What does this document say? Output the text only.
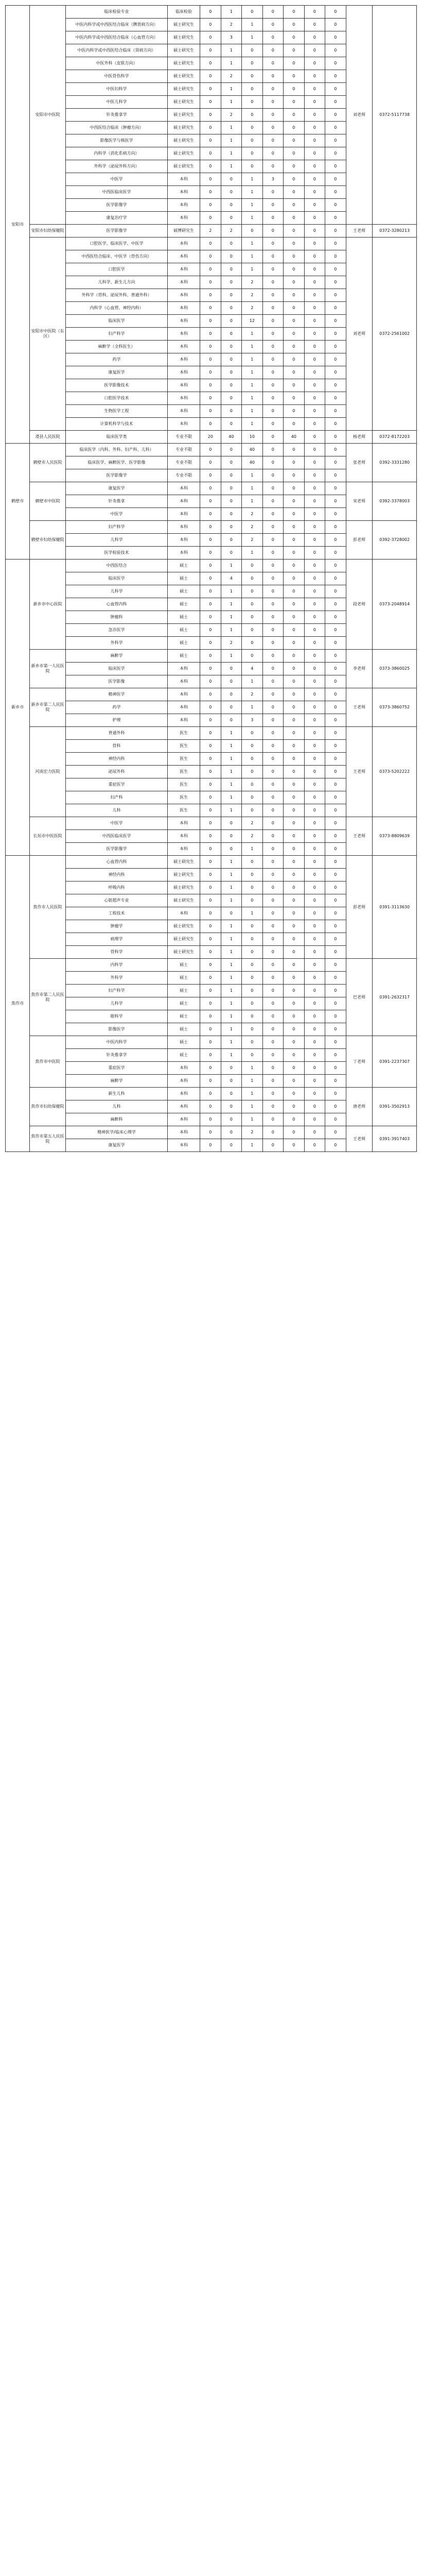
安阳市	安阳市中医院	临床检验专业	临床检验	0	1	0	0	0	0	0	刘老师	0372-5117738
		中医内科学或中西医结合临床（脾胃病方向）	硕士研究生	0	2	1	0	0	0	0		
		中医内科学或中西医结合临床（心血管方向）	硕士研究生	0	3	1	0	0	0	0		
		中医内科学或中西医结合临床（肾病方向）	硕士研究生	0	1	0	0	0	0	0		
		中医外科（皮肤方向）	硕士研究生	0	1	0	0	0	0	0		
		中医骨伤科学	硕士研究生	0	2	0	0	0	0	0		
		中医妇科学	硕士研究生	0	1	0	0	0	0	0		
		中医儿科学	硕士研究生	0	1	0	0	0	0	0		
		针灸推拿学	硕士研究生	0	2	0	0	0	0	0		
		中西医结合临床（肿瘤方向）	硕士研究生	0	1	0	0	0	0	0		
		影像医学与核医学	硕士研究生	0	1	0	0	0	0	0		
		内科学（消化系病方向）	硕士研究生	0	1	0	0	0	0	0		
		外科学（泌尿外科方向）	硕士研究生	0	1	0	0	0	0	0		
		中医学	本科	0	0	1	3	0	0	0		
		中西医临床医学	本科	0	0	1	0	0	0	0		
		医学影像学	本科	0	0	1	0	0	0	0		
		康复治疗学	本科	0	0	1	0	0	0	0		
	安阳市妇幼保健院	医学影像学	硕博研究生	2	2	0	0	0	0	0	王老师	0372-3280213
	安阳市中医院（东区）	口腔医学、临床医学、中医学	本科	0	0	1	0	0	0	0	刘老师	0372-2561002
		中西医结合临床、中医学（骨伤方向）	本科	0	0	1	0	0	0	0		
		口腔医学	本科	0	0	1	0	0	0	0		
		儿科学、新生儿方向	本科	0	0	2	0	0	0	0		
		外科学（骨科、泌尿外科、普通外科）	本科	0	0	2	0	0	0	0		
		内科学（心血管、神经内科）	本科	0	0	2	0	0	0	0		
		临床医学	本科	0	0	12	0	0	0	0		
		妇产科学	本科	0	0	1	0	0	0	0		
		麻醉学（全科医生）	本科	0	0	1	0	0	0	0		
		药学	本科	0	0	1	0	0	0	0		
		康复医学	本科	0	0	1	0	0	0	0		
		医学影像技术	本科	0	0	1	0	0	0	0		
		口腔医学技术	本科	0	0	1	0	0	0	0		
		生物医学工程	本科	0	0	1	0	0	0	0		
		计算机科学与技术	本科	0	0	1	0	0	0	0		
	滑县人民医院	临床医学类	专业不限	20	40	10	0	40	0	0	杨老师	0372-8172203
鹤壁市	鹤壁市人民医院	临床医学（内科、外科、妇产科、儿科）	专业不限	0	0	40	0	0	0	0	张老师	0392-3331280
		临床医学、麻醉医学、医学影像	专业不限	0	0	40	0	0	0	0		
		医学影像学	专业不限	0	0	1	0	0	0	0		
	鹤壁市中医院	康复医学	本科	0	0	1	0	0	0	0	宋老师	0392-3378003
		针灸推拿	本科	0	0	1	0	0	0	0		
		中医学	本科	0	0	2	0	0	0	0		
	鹤壁市妇幼保健院	妇产科学	本科	0	0	2	0	0	0	0	彭老师	0392-3728002
		儿科学	本科	0	0	2	0	0	0	0		
		医学检验技术	本科	0	0	1	0	0	0	0		
新乡市	新乡市中心医院	中西医结合	硕士	0	1	0	0	0	0	0	段老师	0373-2048914
		临床医学	硕士	0	4	0	0	0	0	0		
		儿科学	硕士	0	1	0	0	0	0	0		
		心血管内科	硕士	0	1	0	0	0	0	0		
		肿瘤科	硕士	0	1	0	0	0	0	0		
		急诊医学	硕士	0	1	0	0	0	0	0		
		外科学	硕士	0	2	0	0	0	0	0		
	新乡市第一人民医院	麻醉学	硕士	0	1	0	0	0	0	0	李老师	0373-3860025
		临床医学	本科	0	0	4	0	0	0	0		
		医学影像	本科	0	0	1	0	0	0	0		
	新乡市第二人民医院	精神医学	本科	0	0	2	0	0	0	0	王老师	0373-3860752
		药学	本科	0	0	1	0	0	0	0		
		护理	本科	0	0	3	0	0	0	0		
	河南宏力医院	普通外科	医生	0	1	0	0	0	0	0	王老师	0373-5202222
		骨科	医生	0	1	0	0	0	0	0		
		神经内科	医生	0	1	0	0	0	0	0		
		泌尿外科	医生	0	1	0	0	0	0	0		
		重症医学	医生	0	1	0	0	0	0	0		
		妇产科	医生	0	1	0	0	0	0	0		
		儿科	医生	0	1	0	0	0	0	0		
	长垣市中医医院	中医学	本科	0	0	2	0	0	0	0	王老师	0373-8809639
		中西医临床医学	本科	0	0	2	0	0	0	0		
		医学影像学	本科	0	0	1	0	0	0	0		
焦作市	焦作市人民医院	心血管内科	硕士研究生	0	1	0	0	0	0	0	彭老师	0391-3113630
		神经内科	硕士研究生	0	1	0	0	0	0	0		
		呼吸内科	硕士研究生	0	1	0	0	0	0	0		
		心脏超声专业	硕士研究生	0	1	0	0	0	0	0		
		工程技术	本科	0	0	1	0	0	0	0		
		肿瘤学	硕士研究生	0	1	0	0	0	0	0		
		病理学	硕士研究生	0	1	0	0	0	0	0		
		骨科学	硕士研究生	0	1	0	0	0	0	0		
	焦作市第二人民医院	内科学	硕士	0	1	0	0	0	0	0	巴老师	0391-2632317
		外科学	硕士	0	1	0	0	0	0	0		
		妇产科学	硕士	0	1	0	0	0	0	0		
		儿科学	硕士	0	1	0	0	0	0	0		
		眼科学	硕士	0	1	0	0	0	0	0		
		影像医学	硕士	0	1	0	0	0	0	0		
	焦作市中医院	中医内科学	硕士	0	1	0	0	0	0	0	丁老师	0391-2237307
		针灸推拿学	硕士	0	1	0	0	0	0	0		
		重症医学	本科	0	0	1	0	0	0	0		
		麻醉学	本科	0	0	1	0	0	0	0		
	焦作市妇幼保健院	新生儿科	本科	0	0	1	0	0	0	0	唐老师	0391-3502913
		儿科	本科	0	0	1	0	0	0	0		
		麻醉科	本科	0	0	1	0	0	0	0		
	焦作市第五人民医院	精神医学/临床心理学	本科	0	0	2	0	0	0	0	王老师	0391-3917403
		康复医学	本科	0	0	1	0	0	0	0		
